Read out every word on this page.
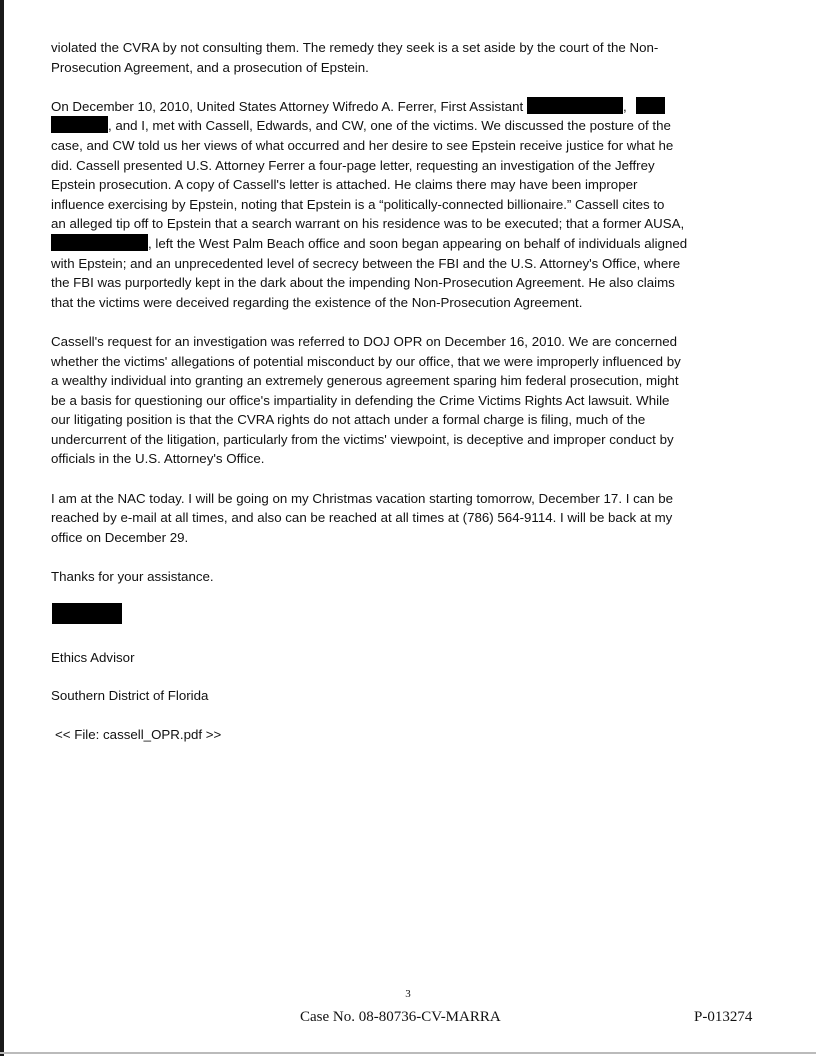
violated the CVRA by not consulting them. The remedy they seek is a set aside by the court of the Non-
Prosecution Agreement, and a prosecution of Epstein.
On December 10, 2010, United States Attorney Wifredo A. Ferrer, First Assistant	,
, and I, met with Cassell, Edwards, and CW, one of the victims. We discussed the posture of the
case, and CW told us her views of what occurred and her desire to see Epstein receive justice for what he
did. Cassell presented U.S. Attorney Ferrer a four-page letter, requesting an investigation of the Jeffrey
Epstein prosecution. A copy of Cassell's letter is attached. He claims there may have been improper
influence exercising by Epstein, noting that Epstein is a “politically-connected billionaire.” Cassell cites to
an alleged tip off to Epstein that a search warrant on his residence was to be executed; that a former AUSA,
, left the West Palm Beach office and soon began appearing on behalf of individuals aligned
with Epstein; and an unprecedented level of secrecy between the FBI and the U.S. Attorney's Office, where
the FBI was purportedly kept in the dark about the impending Non-Prosecution Agreement. He also claims
that the victims were deceived regarding the existence of the Non-Prosecution Agreement.
Cassell's request for an investigation was referred to DOJ OPR on December 16, 2010. We are concerned
whether the victims' allegations of potential misconduct by our office, that we were improperly influenced by
a wealthy individual into granting an extremely generous agreement sparing him federal prosecution, might
be a basis for questioning our office's impartiality in defending the Crime Victims Rights Act lawsuit. While
our litigating position is that the CVRA rights do not attach under a formal charge is filing, much of the
undercurrent of the litigation, particularly from the victims' viewpoint, is deceptive and improper conduct by
officials in the U.S. Attorney's Office.
I am at the NAC today. I will be going on my Christmas vacation starting tomorrow, December 17. I can be
reached by e-mail at all times, and also can be reached at all times at (786) 564-9114. I will be back at my
office on December 29.
Thanks for your assistance.
Ethics Advisor
Southern District of Florida
<< File: cassell_OPR.pdf >>
3
Case No. 08-80736-CV-MARRA	P-013274
